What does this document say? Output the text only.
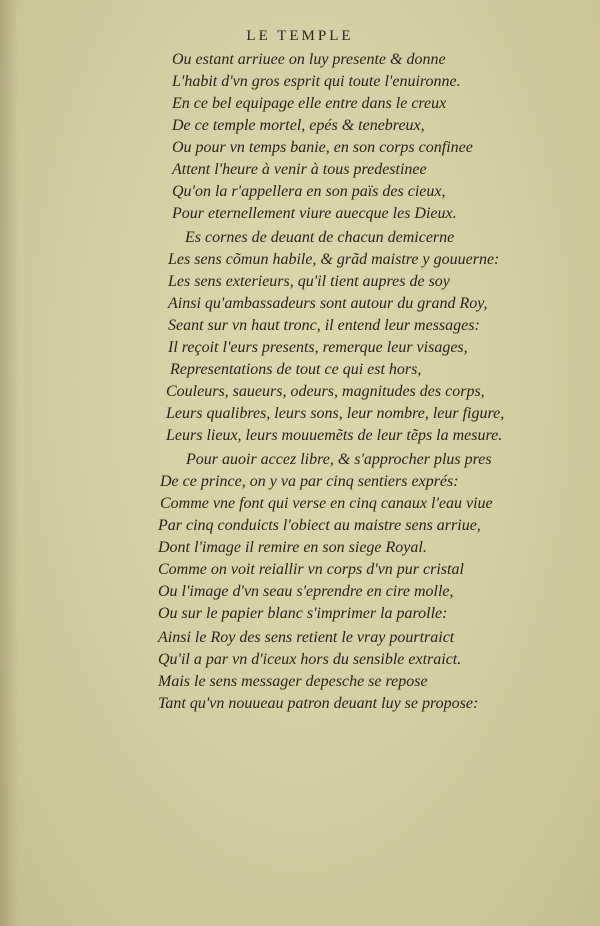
LE TEMPLE
Ou estant arriuee on luy presente & donne
L'habit d'vn gros esprit qui toute l'enuironne.
En ce bel equipage elle entre dans le creux
De ce temple mortel, epés & tenebreux,
Ou pour vn temps banie, en son corps confinee
Attent l'heure à venir à tous predestinee
Qu'on la r'appellera en son païs des cieux,
Pour eternellement viure auecque les Dieux.
Es cornes de deuant de chacun demicerne
Les sens cõmun habile, & grãd maistre y gouuerne:
Les sens exterieurs, qu'il tient aupres de soy
Ainsi qu'ambassadeurs sont autour du grand Roy,
Seant sur vn haut tronc, il entend leur messages:
Il reçoit l'eurs presents, remerque leur visages,
Representations de tout ce qui est hors,
Couleurs, saueurs, odeurs, magnitudes des corps,
Leurs qualibres, leurs sons, leur nombre, leur figure,
Leurs lieux, leurs mouuemẽts de leur tẽps la mesure.
Pour auoir accez libre, & s'approcher plus pres
De ce prince, on y va par cinq sentiers exprés:
Comme vne font qui verse en cinq canaux l'eau viue
Par cinq conduicts l'obiect au maistre sens arriue,
Dont l'image il remire en son siege Royal.
Comme on voit reiallir vn corps d'vn pur cristal
Ou l'image d'vn seau s'eprendre en cire molle,
Ou sur le papier blanc s'imprimer la parolle:
Ainsi le Roy des sens retient le vray pourtraict
Qu'il a par vn d'iceux hors du sensible extraict.
Mais le sens messager depesche se repose
Tant qu'vn nouueau patron deuant luy se propose:
